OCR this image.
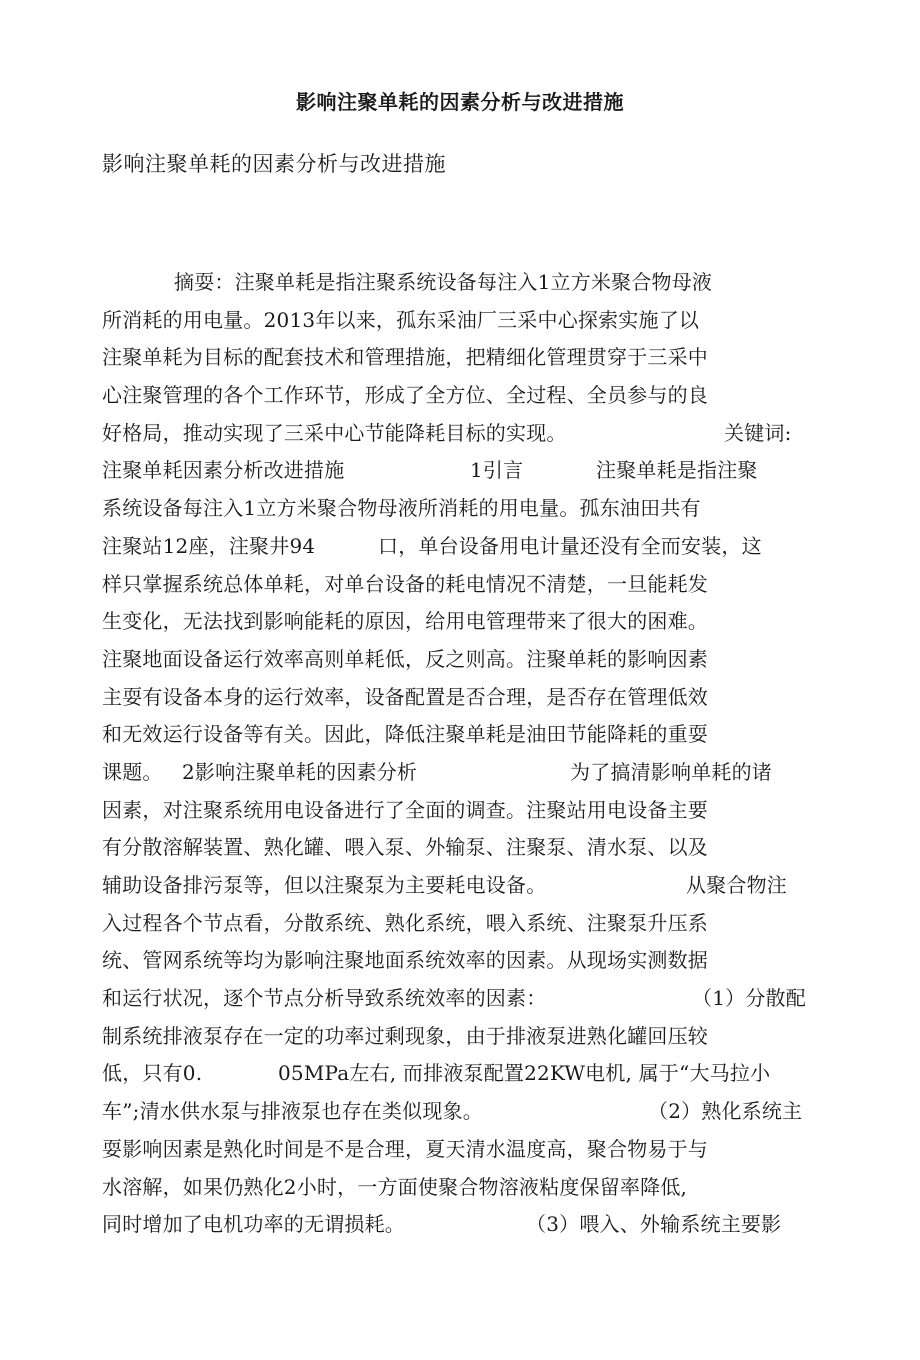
影响注聚单耗的因素分析与改进措施

影响注聚单耗的因素分析与改进措施

摘耍：注聚单耗是指注聚系统设备每注入1立方米聚合物母液
所消耗的用电量。2013年以来，孤东采油厂三采中心探索实施了以
注聚单耗为目标的配套技术和管理措施，把精细化管理贯穿于三采中
心注聚管理的各个工作环节，形成了全方位、全过程、全员参与的良

好格局，推动实现了三采中心节能降耗目标的实现。

	关键词:

注聚单耗因素分析改进措施

	1引言

	注聚单耗是指注聚

系统设备每注入1立方米聚合物母液所消耗的用电量。孤东油田共有

注聚站12座，注聚井94

	口，单台设备用电计量还没有全而安装，这

样只掌握系统总体单耗，对单台设备的耗电情况不清楚，一旦能耗发
生变化，无法找到影响能耗的原因，给用电管理带来了很大的困难。
注聚地面设备运行效率高则单耗低，反之则高。注聚单耗的影响因素
主耍有设备本身的运行效率，设备配置是否合理，是否存在管理低效
和无效运行设备等有关。因此，降低注聚单耗是油田节能降耗的重耍

课题。

2影响注聚单耗的因素分析

	为了搞清影响单耗的诸

因素，对注聚系统用电设备进行了全面的调查。注聚站用电设备主要
有分散溶解装置、熟化罐、喂入泵、外输泵、注聚泵、清水泵、以及

辅助设备排污泵等，但以注聚泵为主要耗电设备。

	从聚合物注

入过程各个节点看，分散系统、熟化系统，喂入系统、注聚泵升压系
统、管网系统等均为影响注聚地面系统效率的因素。从现场实测数据

和运行状况，逐个节点分析导致系统效率的因素：

	（1）分散配

制系统排液泵存在一定的功率过剩现象，由于排液泵进熟化罐回压较

低，只有0.

	05MPa左右, 而排液泵配置22KW电机, 属于“大马拉小

车”;清水供水泵与排液泵也存在类似现象。

	（2）熟化系统主

耍影响因素是熟化时间是不是合理，夏天清水温度高，聚合物易于与
水溶解，如果仍熟化2小时，一方面使聚合物溶液粘度保留率降低,

同时增加了电机功率的无谓损耗。

	（3）喂入、外输系统主要影
